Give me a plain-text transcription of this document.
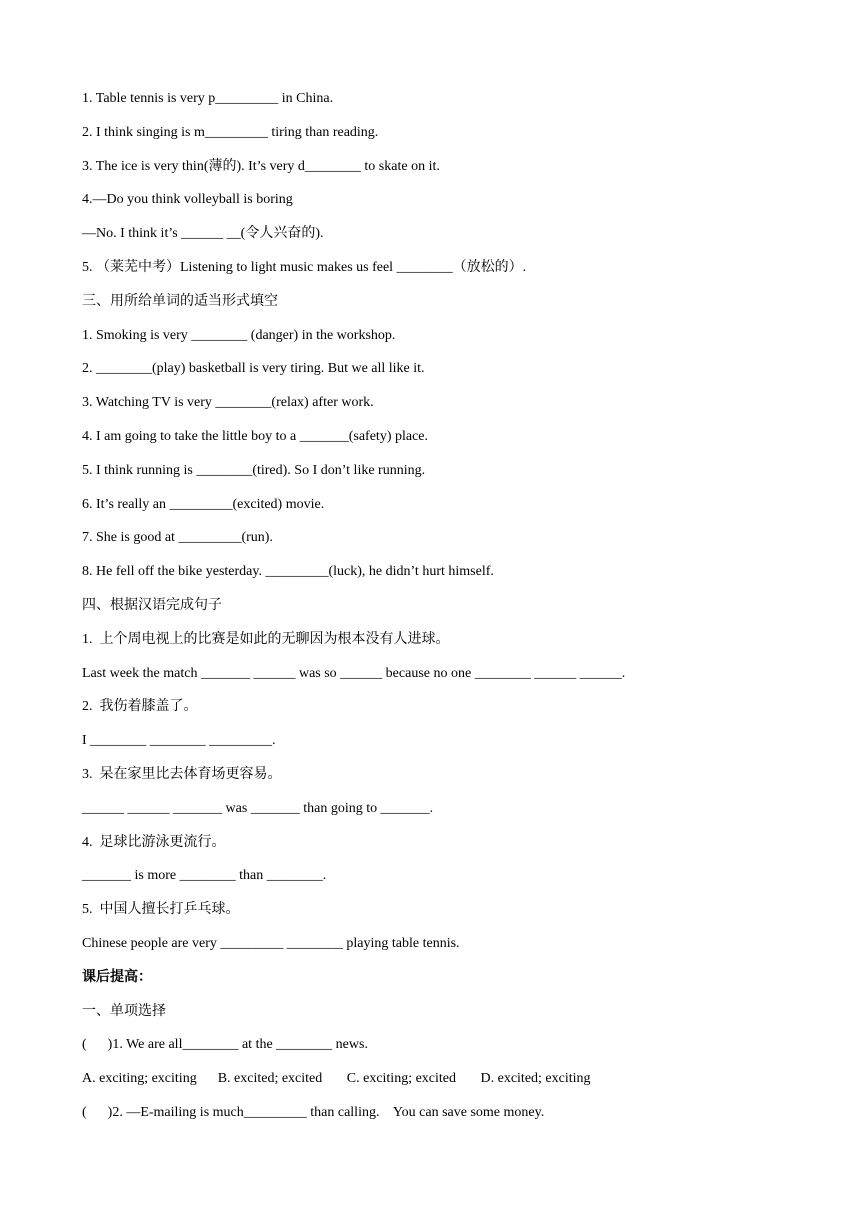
1. Table tennis is very p_________ in China.
2. I think singing is m_________ tiring than reading.
3. The ice is very thin(薄的). It’s very d________ to skate on it.
4.—Do you think volleyball is boring
—No. I think it’s ______ __(令人兴奋的).
5. （莱芜中考）Listening to light music makes us feel ________（放松的）.
三、用所给单词的适当形式填空
1. Smoking is very ________ (danger) in the workshop.
2. ________(play) basketball is very tiring. But we all like it.
3. Watching TV is very ________(relax) after work.
4. I am going to take the little boy to a _______(safety) place.
5. I think running is ________(tired). So I don’t like running.
6. It’s really an _________(excited) movie.
7. She is good at _________(run).
8. He fell off the bike yesterday. _________(luck), he didn’t hurt himself.
四、根据汉语完成句子
1.  上个周电视上的比赛是如此的无聊因为根本没有人进球。
Last week the match _______ ______ was so ______ because no one ________ ______ ______.
2.  我伤着膝盖了。
I ________ ________ _________.
3.  呆在家里比去体育场更容易。
______ ______ _______ was _______ than going to _______.
4.  足球比游泳更流行。
_______ is more ________ than ________.
5.  中国人擅长打乒乓球。
Chinese people are very _________ ________ playing table tennis.
课后提高：
一、单项选择
(      )1. We are all________ at the ________ news.
A. exciting; exciting      B. excited; excited       C. exciting; excited       D. excited; exciting
(      )2. —E-mailing is much_________ than calling.    You can save some money.
